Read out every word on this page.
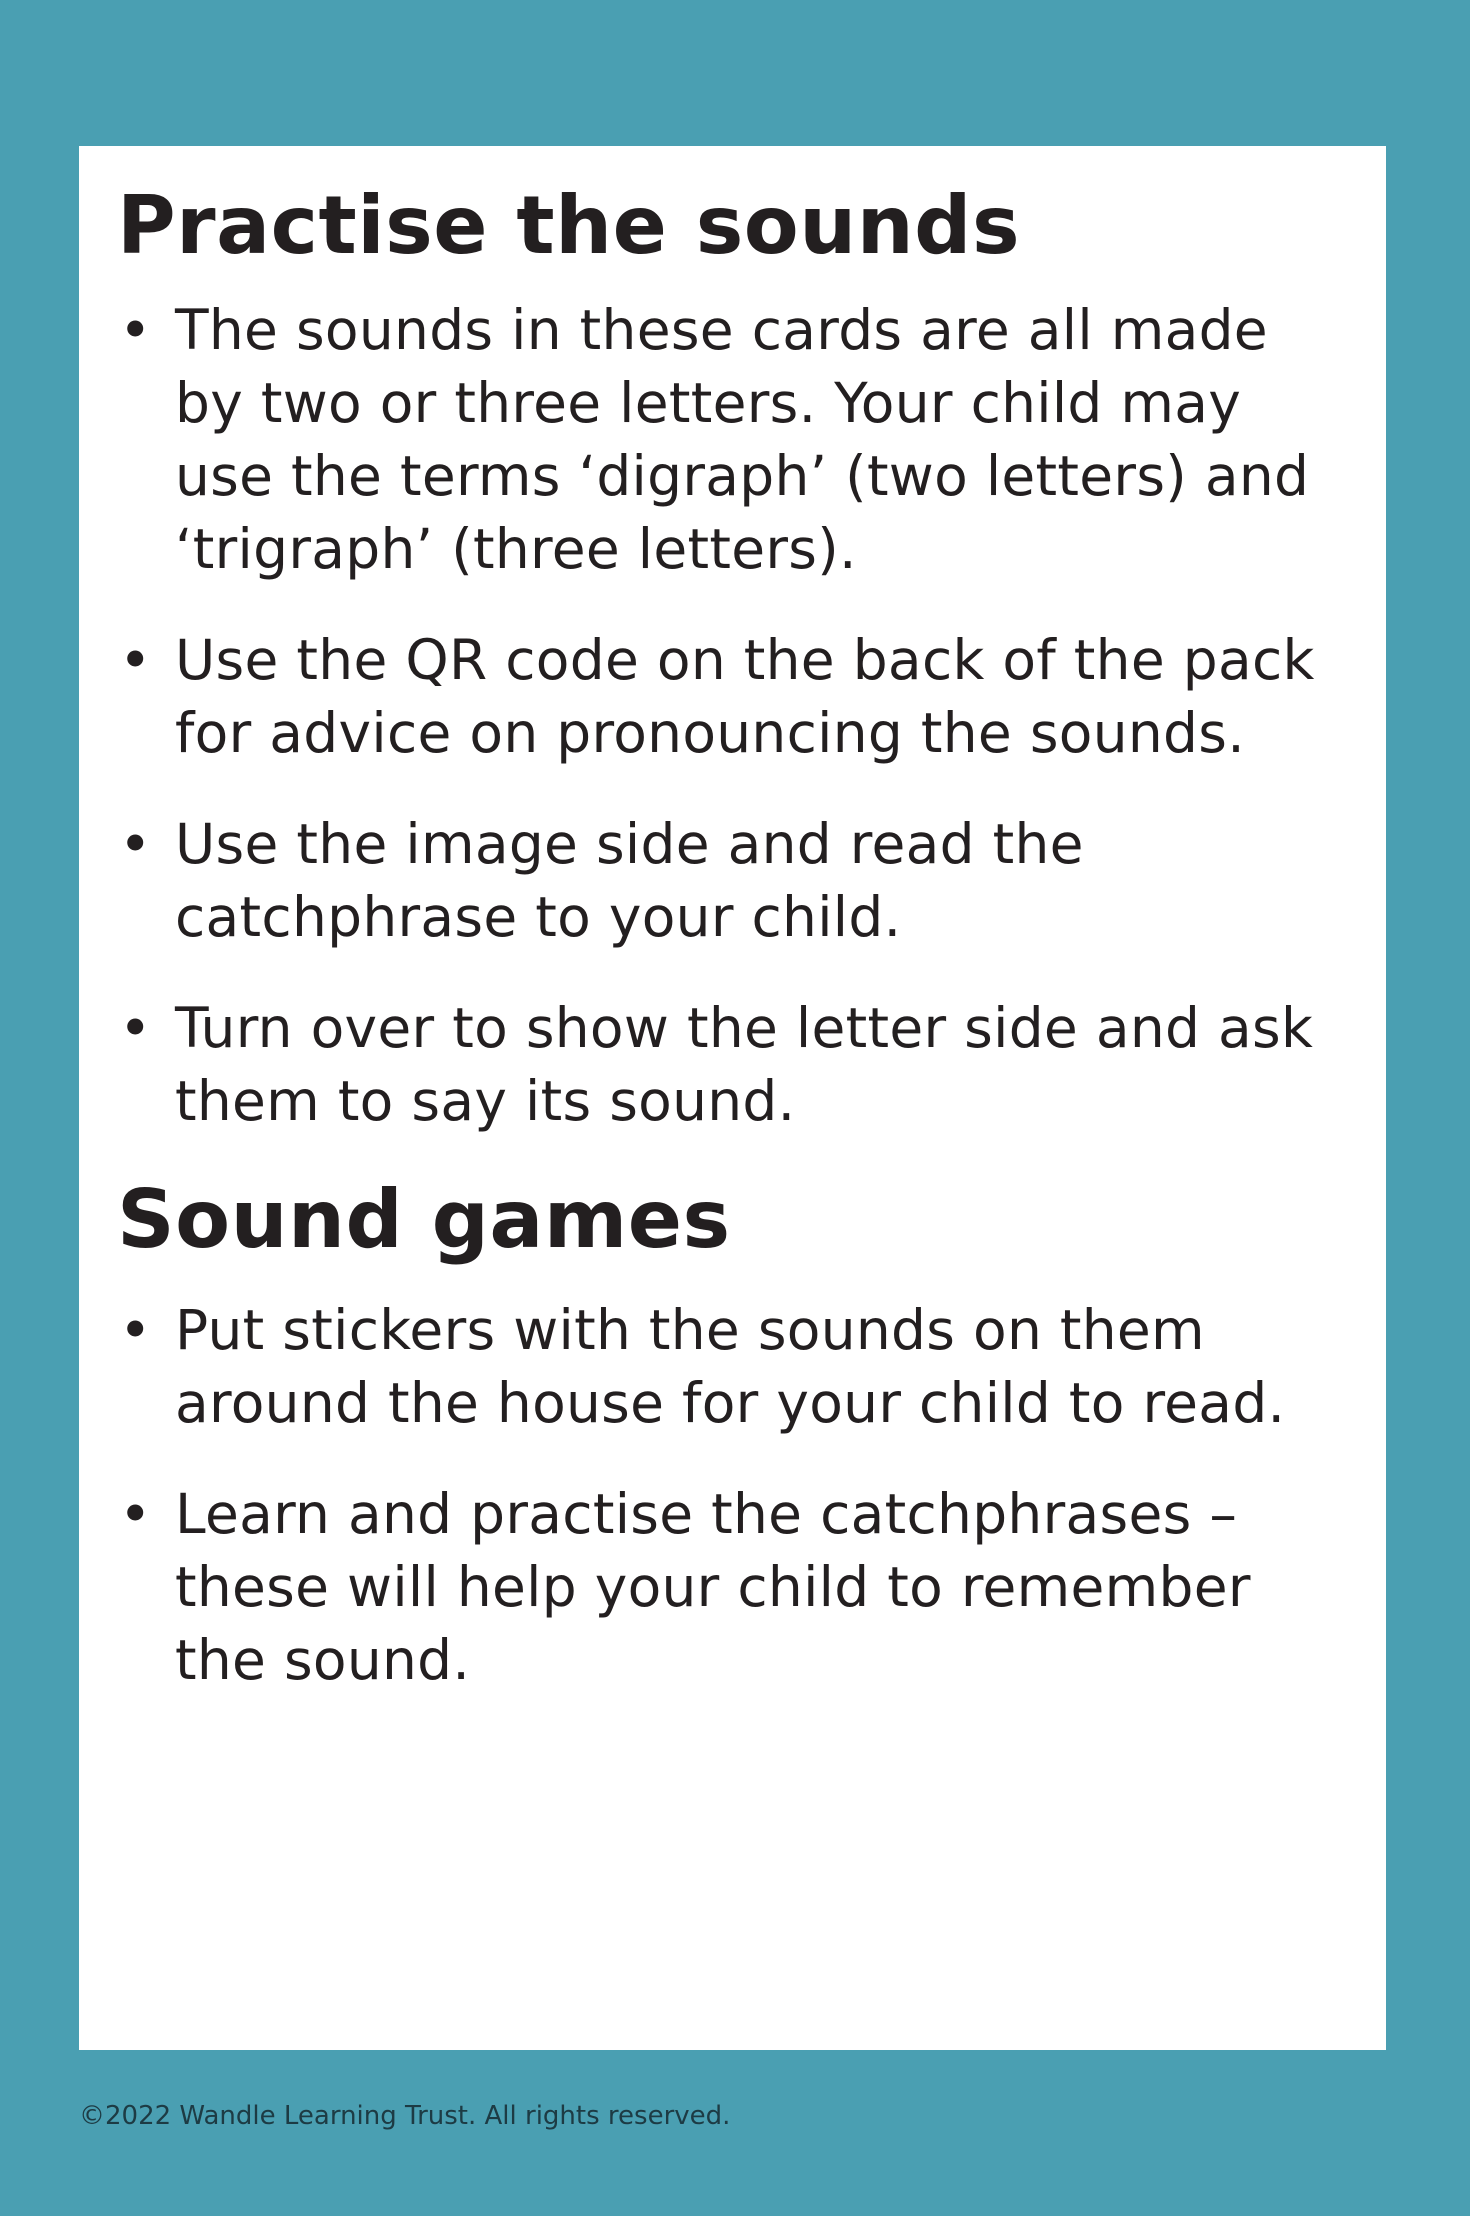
Practise the sounds
• The sounds in these cards are all made by two or three letters. Your child may use the terms ‘digraph’ (two letters) and ‘trigraph’ (three letters).
• Use the QR code on the back of the pack for advice on pronouncing the sounds.
• Use the image side and read the catchphrase to your child.
• Turn over to show the letter side and ask them to say its sound.
Sound games
• Put stickers with the sounds on them around the house for your child to read.
• Learn and practise the catchphrases – these will help your child to remember the sound.
©2022 Wandle Learning Trust. All rights reserved.
